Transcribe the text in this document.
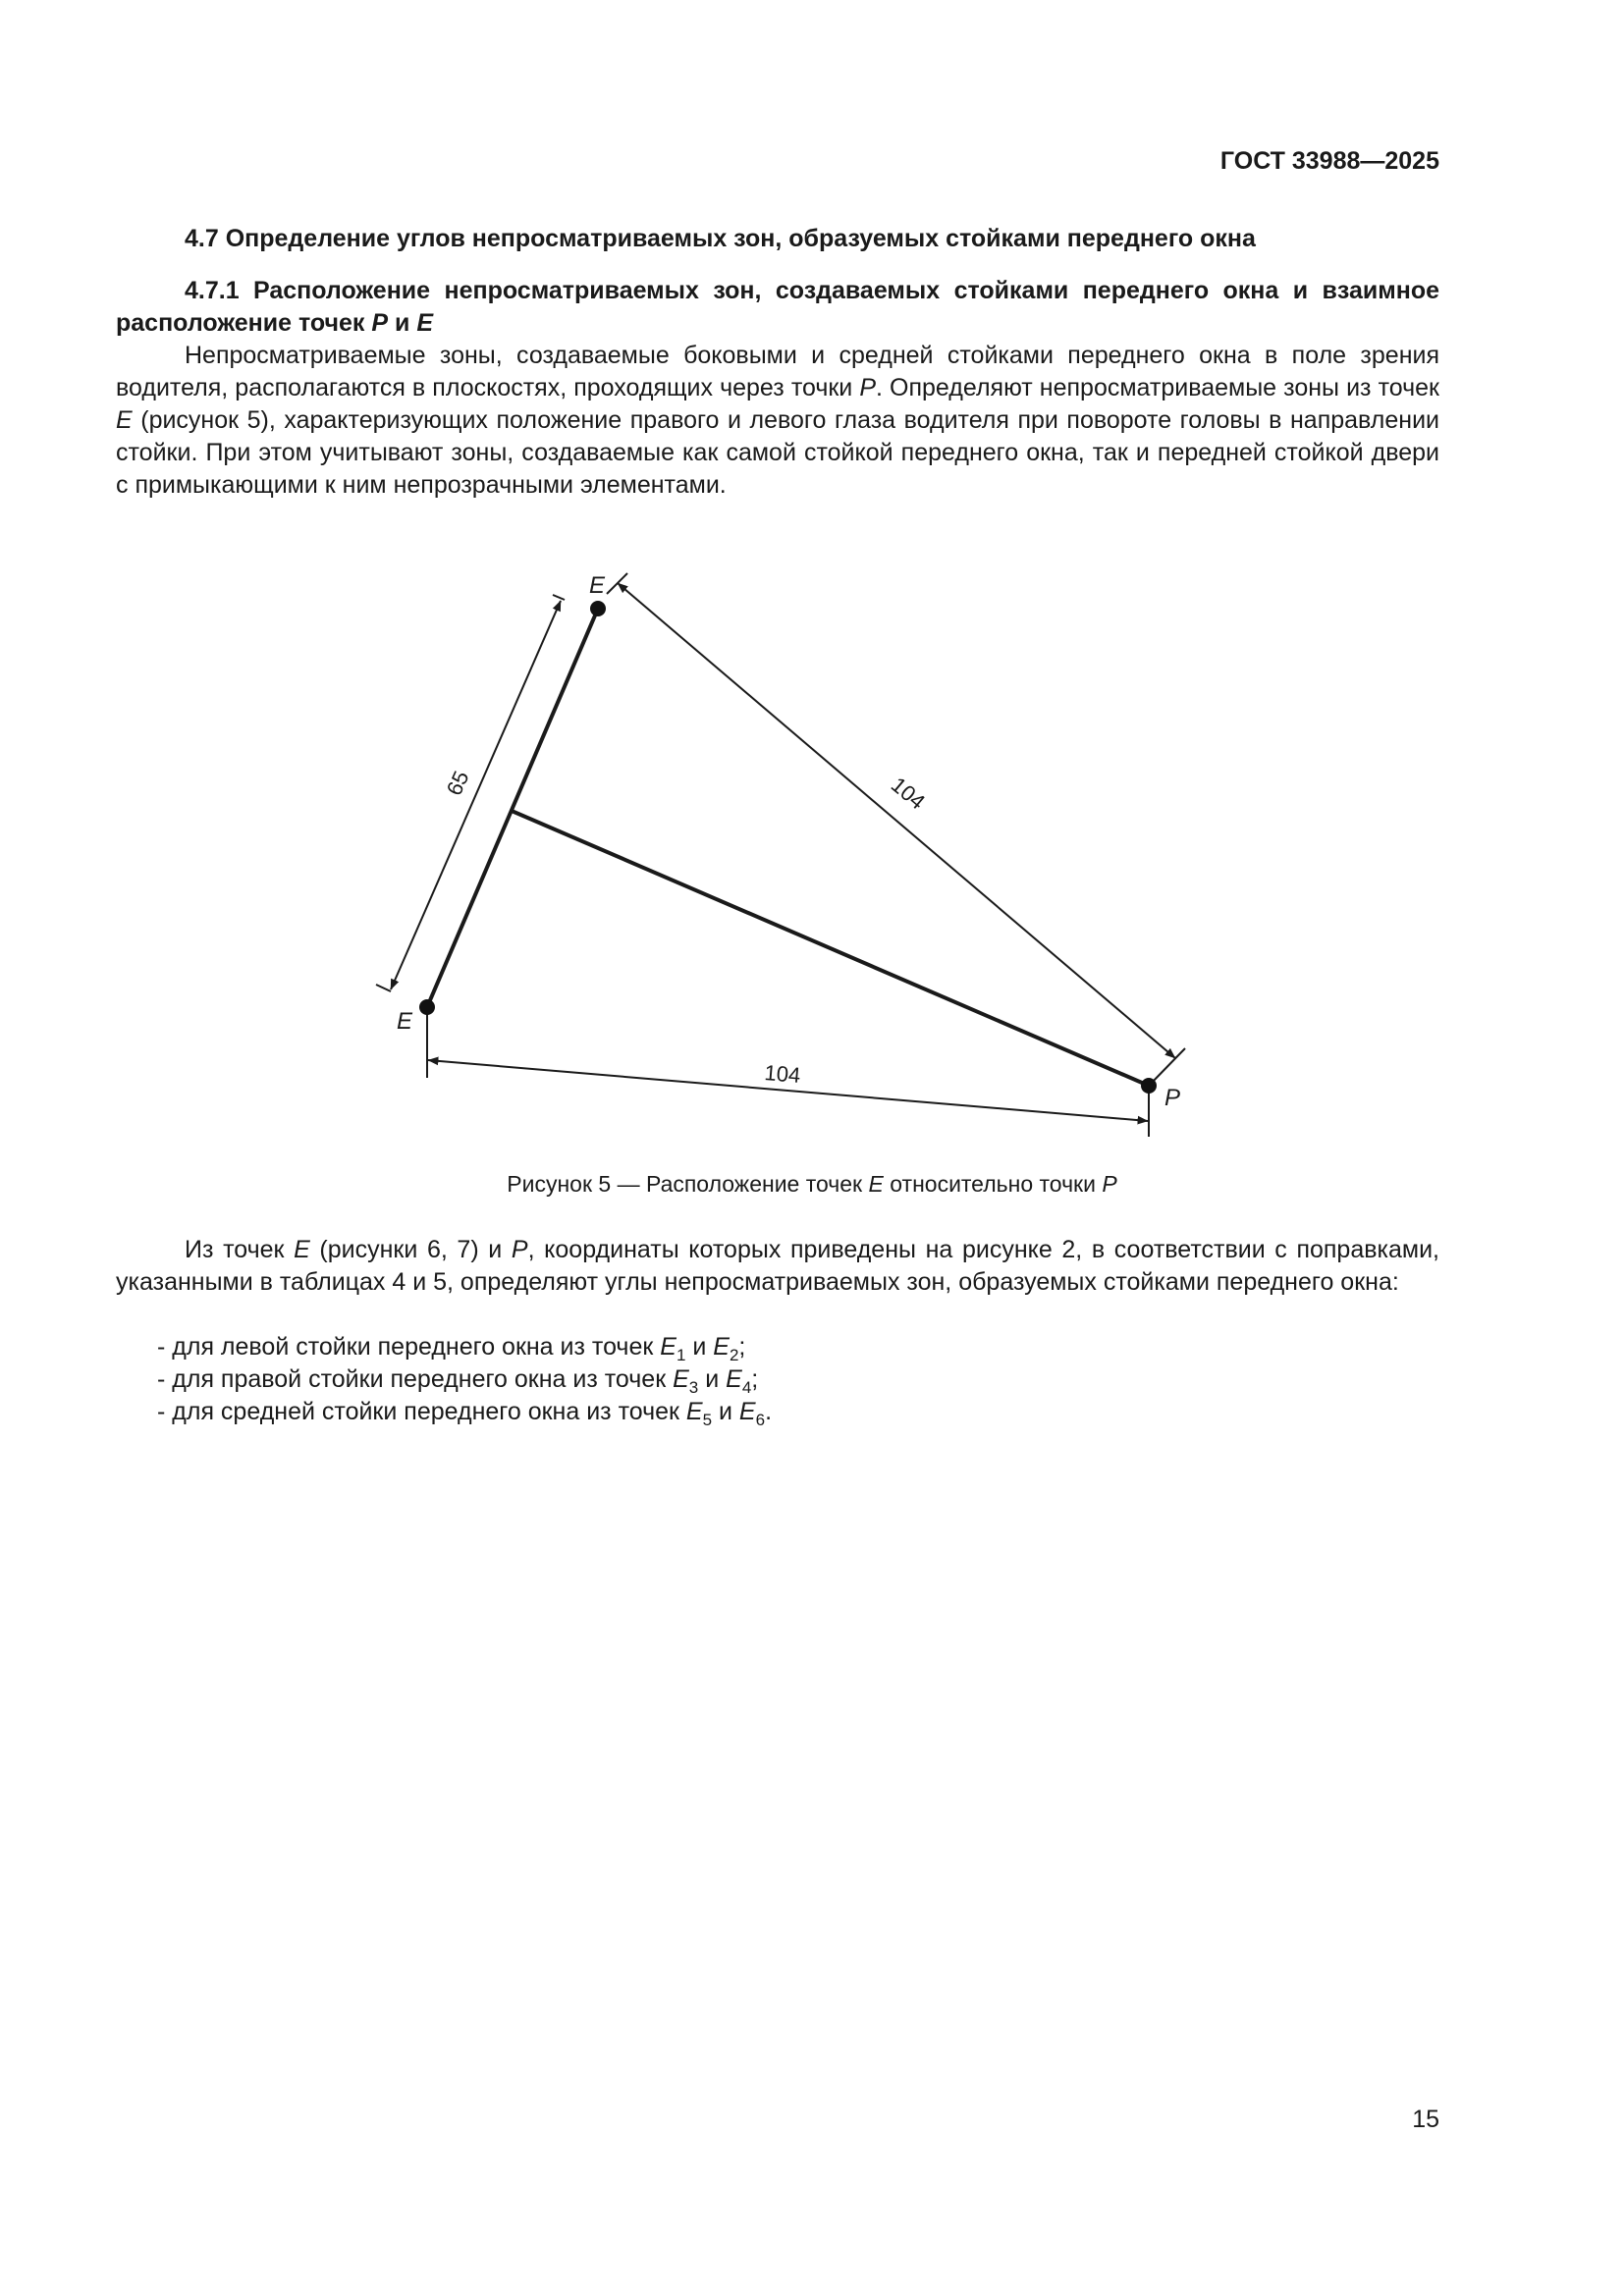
ГОСТ 33988—2025
4.7 Определение углов непросматриваемых зон, образуемых стойками переднего окна
4.7.1 Расположение непросматриваемых зон, создаваемых стойками переднего окна и взаимное расположение точек P и E
Непросматриваемые зоны, создаваемые боковыми и средней стойками переднего окна в поле зрения водителя, располагаются в плоскостях, проходящих через точки P. Определяют непросматриваемые зоны из точек E (рисунок 5), характеризующих положение правого и левого глаза водителя при повороте головы в направлении стойки. При этом учитывают зоны, создаваемые как самой стойкой переднего окна, так и передней стойкой двери с примыкающими к ним непрозрачными элементами.
E
E
P
65	104
104
Рисунок 5 — Расположение точек E относительно точки P
Из точек E (рисунки 6, 7) и P, координаты которых приведены на рисунке 2, в соответствии с поправками, указанными в таблицах 4 и 5, определяют углы непросматриваемых зон, образуемых стойками переднего окна:
- для левой стойки переднего окна из точек $E_1$ и $E_2$;
- для правой стойки переднего окна из точек $E_3$ и $E_4$;
- для средней стойки переднего окна из точек $E_5$ и $E_6$.
15
